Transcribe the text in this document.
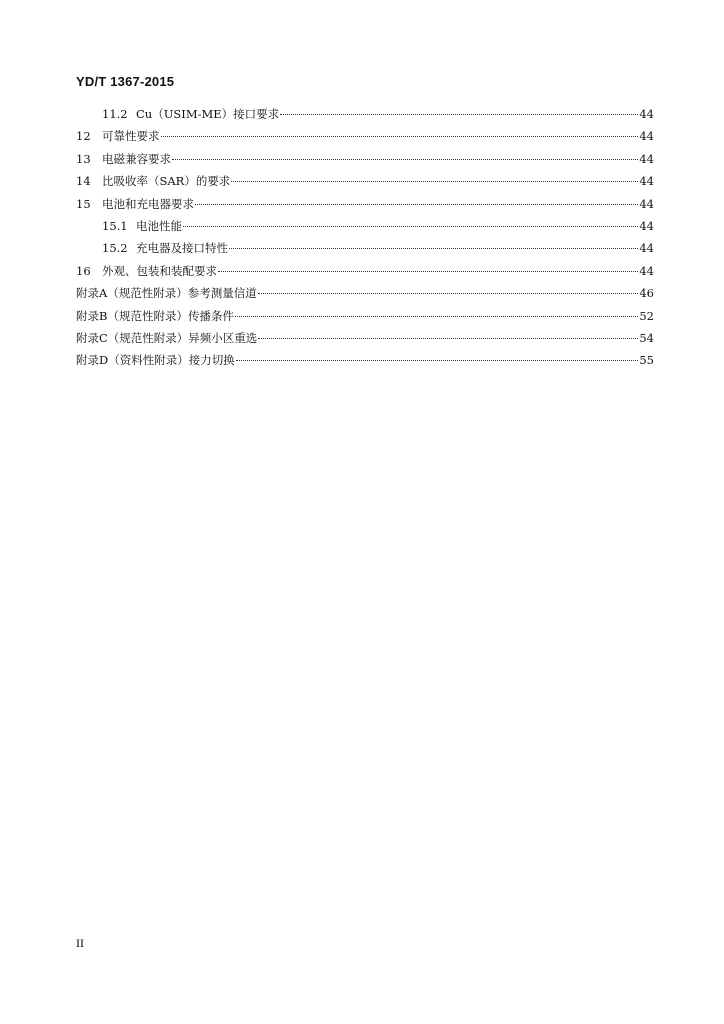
YD/T 1367-2015
11.2 Cu（USIM-ME）接口要求	44
12 可靠性要求	44
13 电磁兼容要求	44
14 比吸收率（SAR）的要求	44
15 电池和充电器要求	44
15.1 电池性能	44
15.2 充电器及接口特性	44
16 外观、包装和装配要求	44
附录A（规范性附录）参考测量信道	46
附录B（规范性附录）传播条件	52
附录C（规范性附录）异频小区重选	54
附录D（资料性附录）接力切换	55
II
